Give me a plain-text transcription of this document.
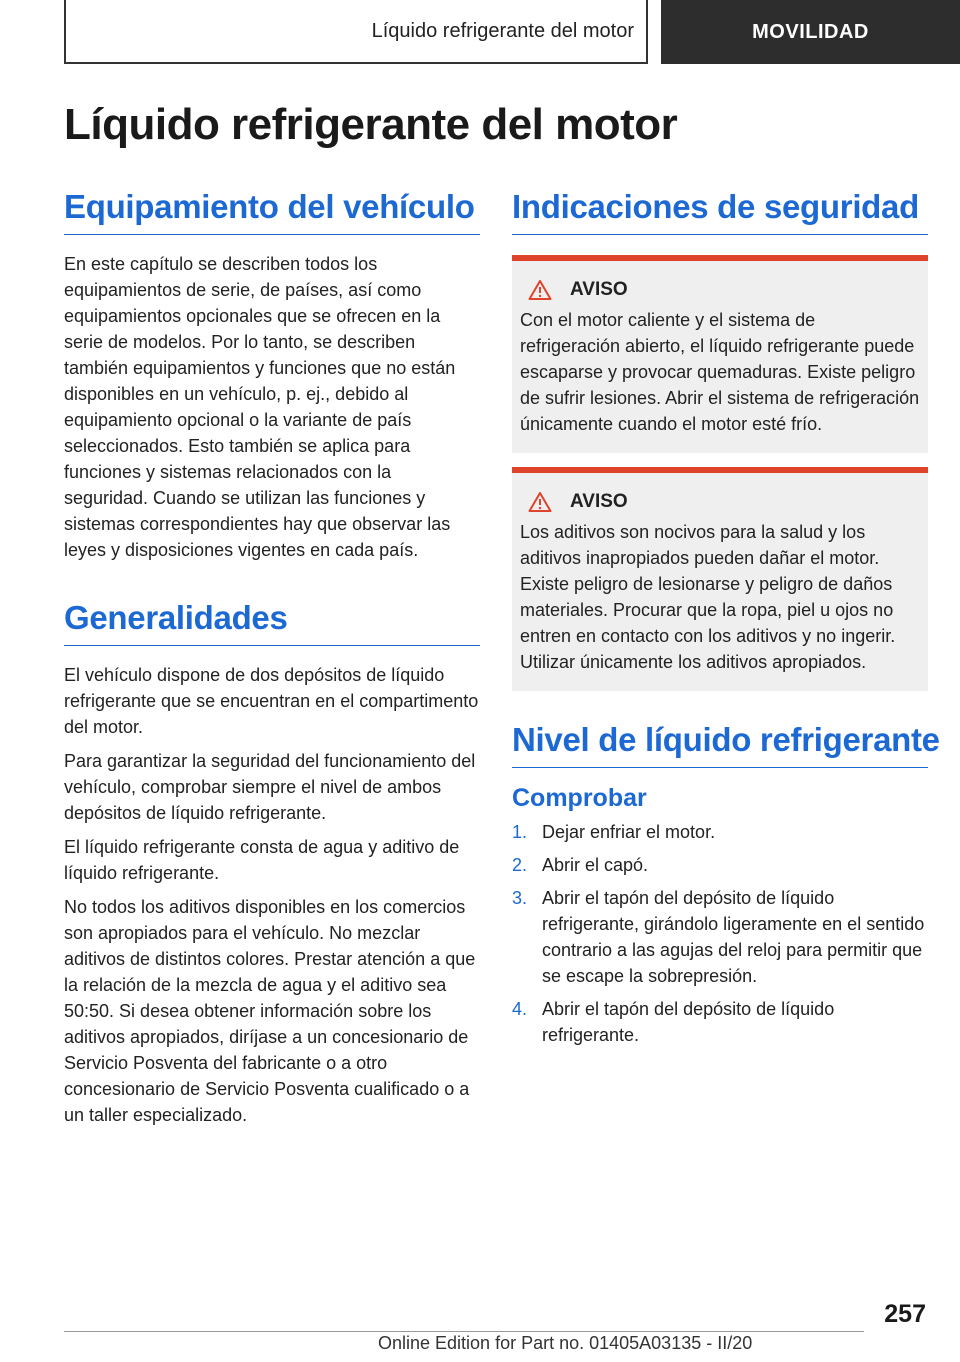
Líquido refrigerante del motor	MOVILIDAD
Líquido refrigerante del motor
Equipamiento del vehículo

En este capítulo se describen todos los equipamientos de serie, de países, así como equipamientos opcionales que se ofrecen en la serie de modelos. Por lo tanto, se describen también equipamientos y funciones que no están disponibles en un vehículo, p. ej., debido al equipamiento opcional o la variante de país seleccionados. Esto también se aplica para funciones y sistemas relacionados con la seguridad. Cuando se utilizan las funciones y sistemas correspondientes hay que observar las leyes y disposiciones vigentes en cada país.

Generalidades

El vehículo dispone de dos depósitos de líquido refrigerante que se encuentran en el compartimento del motor.

Para garantizar la seguridad del funcionamiento del vehículo, comprobar siempre el nivel de ambos depósitos de líquido refrigerante.

El líquido refrigerante consta de agua y aditivo de líquido refrigerante.

No todos los aditivos disponibles en los comercios son apropiados para el vehículo. No mezclar aditivos de distintos colores. Prestar atención a que la relación de la mezcla de agua y el aditivo sea 50:50. Si desea obtener información sobre los aditivos apropiados, diríjase a un concesionario de Servicio Posventa del fabricante o a otro concesionario de Servicio Posventa cualificado o a un taller especializado.

Indicaciones de seguridad
AVISO

Con el motor caliente y el sistema de refrigeración abierto, el líquido refrigerante puede escaparse y provocar quemaduras. Existe peligro de sufrir lesiones. Abrir el sistema de refrigeración únicamente cuando el motor esté frío.

AVISO

Los aditivos son nocivos para la salud y los aditivos inapropiados pueden dañar el motor. Existe peligro de lesionarse y peligro de daños materiales. Procurar que la ropa, piel u ojos no entren en contacto con los aditivos y no ingerir. Utilizar únicamente los aditivos apropiados.

Nivel de líquido refrigerante
Comprobar
1. Dejar enfriar el motor.
2. Abrir el capó.
3. Abrir el tapón del depósito de líquido refrigerante, girándolo ligeramente en el sentido contrario a las agujas del reloj para permitir que se escape la sobrepresión.
4. Abrir el tapón del depósito de líquido refrigerante.
257
Online Edition for Part no. 01405A03135 - II/20
